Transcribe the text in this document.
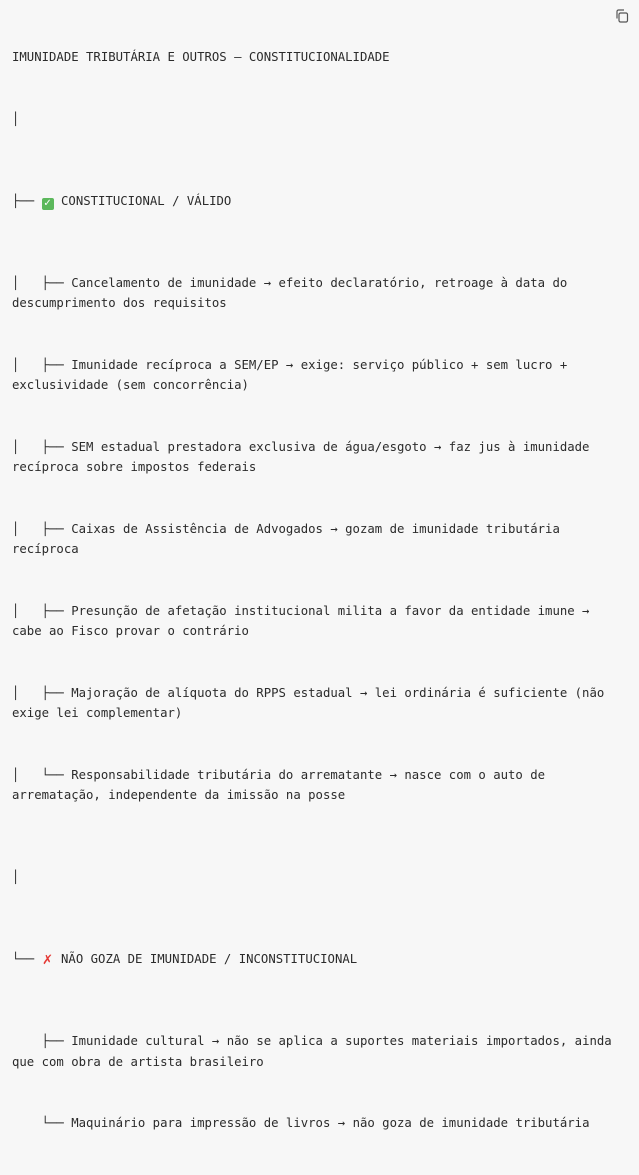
IMUNIDADE TRIBUTÁRIA E OUTROS — CONSTITUCIONALIDADE

│

├── ✓ CONSTITUCIONAL / VÁLIDO

│   ├── Cancelamento de imunidade → efeito declaratório, retroage à data do descumprimento dos requisitos

│   ├── Imunidade recíproca a SEM/EP → exige: serviço público + sem lucro + exclusividade (sem concorrência)

│   ├── SEM estadual prestadora exclusiva de água/esgoto → faz jus à imunidade recíproca sobre impostos federais

│   ├── Caixas de Assistência de Advogados → gozam de imunidade tributária recíproca

│   ├── Presunção de afetação institucional milita a favor da entidade imune → cabe ao Fisco provar o contrário

│   ├── Majoração de alíquota do RPPS estadual → lei ordinária é suficiente (não exige lei complementar)

│   └── Responsabilidade tributária do arrematante → nasce com o auto de arrematação, independente da imissão na posse

│

└── ✗ NÃO GOZA DE IMUNIDADE / INCONSTITUCIONAL

├── Imunidade cultural → não se aplica a suportes materiais importados, ainda que com obra de artista brasileiro

└── Maquinário para impressão de livros → não goza de imunidade tributária
